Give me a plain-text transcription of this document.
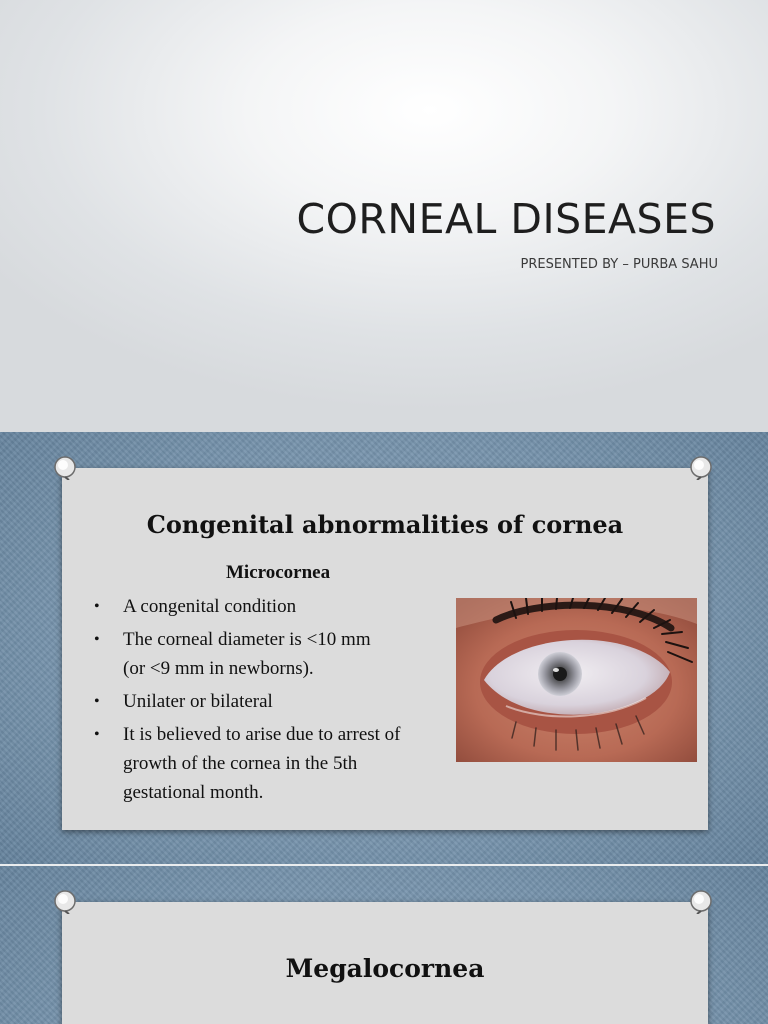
CORNEAL DISEASES
PRESENTED BY – PURBA SAHU
Congenital abnormalities of cornea
Microcornea
• A congenital condition
• The corneal diameter is <10 mm
(or <9 mm in newborns).
• Unilater or bilateral
• It is believed to arise due to arrest of
growth of the cornea in the 5th
gestational month.
Megalocornea
